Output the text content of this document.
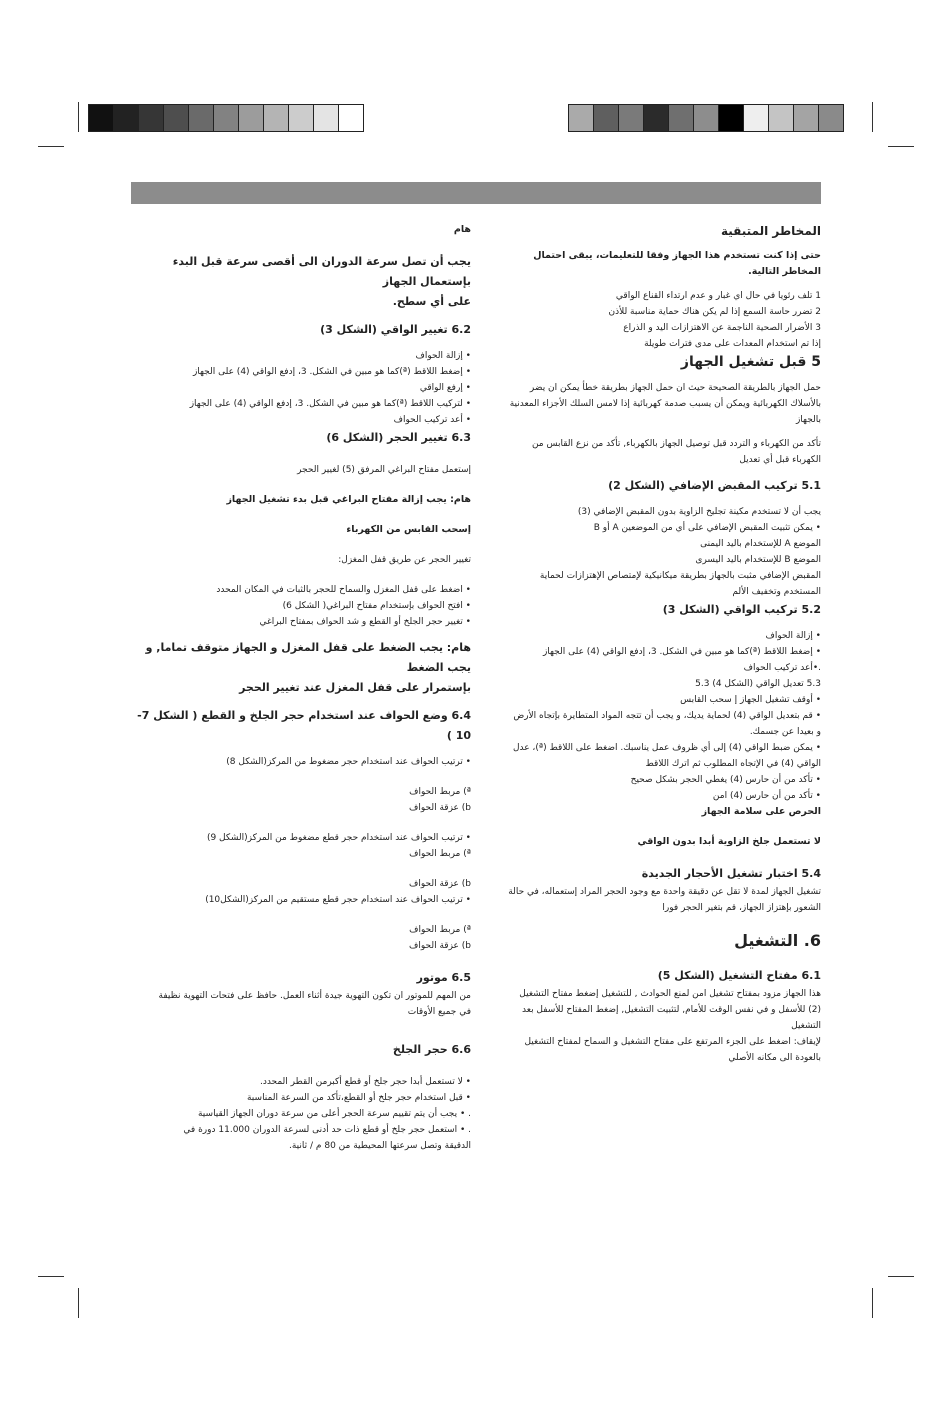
المخاطر المتبقية

حتى إذا كنت تستخدم هذا الجهاز وفقا للتعليمات، يبقى احتمال المخاطر التالية.

1 تلف رئويا في حال اي غبار و عدم ارتداء القناع الواقي

2 تضرر حاسة السمع إذا لم يكن هناك حماية مناسبة للأذن

3 الأضرار الصحية الناجمة عن الاهتزازات اليد و الذراع

إذا تم استخدام المعدات على مدى فترات طويلة

5 قبل تشغيل الجهاز

حمل الجهاز بالطريقة الصحيحة حيث ان حمل الجهاز بطريقة خطأ يمكن ان يضر

بالأسلاك الكهربائية ويمكن أن يسبب صدمة كهربائية إذا لامس السلك الأجزاء المعدنية

بالجهاز

تأكد من الكهرباء و التردد قبل توصيل الجهاز بالكهرباء, تأكد من نزع القابس من

الكهرباء قبل أي تعديل

5.1 تركيب المقبض الإضافي (الشكل 2)

يجب أن لا تستخدم مكينة تجليخ الزاوية بدون المقبض الإضافي (3)

• يمكن تثبيت المقبض الإضافي على أي من الموضعين A أو B

الموضع A للإستخدام باليد اليمنى

الموضع B للإستخدام باليد اليسرى

المقبض الإضافي مثبت بالجهاز بطريقة ميكانيكية لإمتصاص الإهتزازات لحماية

المستخدم وتخفيف الألم

5.2 تركيب الواقي (الشكل 3)

• إزالة الحواف

• إضغط اللاقط (ª)كما هو مبين في الشكل. 3، إدفع الواقي (4) على الجهاز

.•أعد تركيب الحواف

5.3 تعديل الواقي (الشكل 4) 5.3

• أوقف تشغيل الجهاز إ سحب القابس

• قم بتعديل الواقي (4) لحماية يديك، و يجب أن تتجه المواد المتطايرة بإتجاه الأرض

و بعيدا عن جسمك.

• يمكن ضبط الواقي (4) إلى أي ظروف عمل يناسبك. اضغط على اللاقط (ª)، عدل

الواقي (4) في الإتجاه المطلوب ثم اترك اللاقط

• تأكد من أن حارس (4) يغطي الحجر بشكل صحيح

• تأكد من أن حارس (4) امن

الحرص على سلامة الجهاز

لا تستعمل جلخ الزاوية أبدا بدون الواقي

5.4 اختبار تشغيل الأحجار الجديدة

تشغيل الجهاز لمدة لا تقل عن دقيقة واحدة مع وجود الحجر المراد إستعماله، في حالة

الشعور بإهتزاز الجهاز، قم بتغير الحجر فورا

6. التشغيل

6.1 مفتاح التشغيل (الشكل 5)

هذا الجهاز مزود بمفتاح تشغيل امن لمنع الحوادث , للتشغيل إضغط مفتاح التشغيل

(2) للأسفل و في نفس الوقت للأمام, لتثبيت التشغيل, إضغط المفتاح للأسفل بعد

التشغيل

لإيقاف: اضغط على الجزء المرتفع على مفتاح التشغيل و السماح لمفتاح التشغيل

بالعودة الى مكانه الأصلي

هام

يجب أن تصل سرعة الدوران الى أقصى سرعة قبل البدء بإستعمال الجهاز

على أي سطح.

6.2 تغيير الواقي (الشكل 3)

• إزالة الحواف

• إضغط اللاقط (ª)كما هو مبين في الشكل. 3، إدفع الواقي (4) على الجهاز

• إرفع الواقي

• لتركيب اللاقط (ª)كما هو مبين في الشكل. 3، إدفع الواقي (4) على الجهاز

• أعد تركيب الحواف

6.3 تغيير الحجر (الشكل 6)

إستعمل مفتاح البراغي المرفق (5) لغيير الحجر

هام: يجب إزالة مفتاح البراغي قبل بدء تشغيل الجهاز

إسحب القابس من الكهرباء

تغيير الحجر عن طريق قفل المغزل:

• اضغط على قفل المغزل والسماح للحجر بالثبات في المكان المحدد

• افتح الحواف بإستخدام مفتاح البراغي( الشكل 6)

• تغيير حجر الجلخ أو القطع و شد الحواف بمفتاح البراغي

هام: يجب الضغط على قفل المغزل و الجهاز متوقف تماما, و يجب الضغط

بإستمرار على قفل المغزل عند تغيير الحجر

6.4 وضع الحواف عند استخدام حجر الجلخ و القطع ( الشكل 7-10 )

• ترتيب الحواف عند استخدام حجر مضغوط من المركز(الشكل 8)

ª) مربط الحواف

b) عزقة الحواف

• ترتيب الحواف عند استخدام حجر قطع مضغوط من المركز(الشكل 9)

ª) مربط الحواف

b) عزقة الحواف

• ترتيب الحواف عند استخدام حجر قطع مستقيم من المركز(الشكل10)

ª) مربط الحواف

b) عزقة الحواف

6.5 موتور

من المهم للموتور ان تكون التهوية جيدة أثناء العمل. حافظ على فتحات التهوية نظيفة

في جميع الأوقات

6.6 حجر الجلخ

• لا تستعمل أبدا حجر جلخ أو قطع أكبرمن القطر المحدد.

• قبل استخدام حجر جلخ أو القطع،تأكد من السرعة المناسبة

. • يجب أن يتم تقييم سرعة الحجر أعلى من سرعة دوران الجهاز القياسية

. • استعمل حجر جلخ أو قطع ذات حد أدنى لسرعة الدوران 11.000 دورة في

الدقيقة وتصل سرعتها المحيطية من 80 م / ثانية.
